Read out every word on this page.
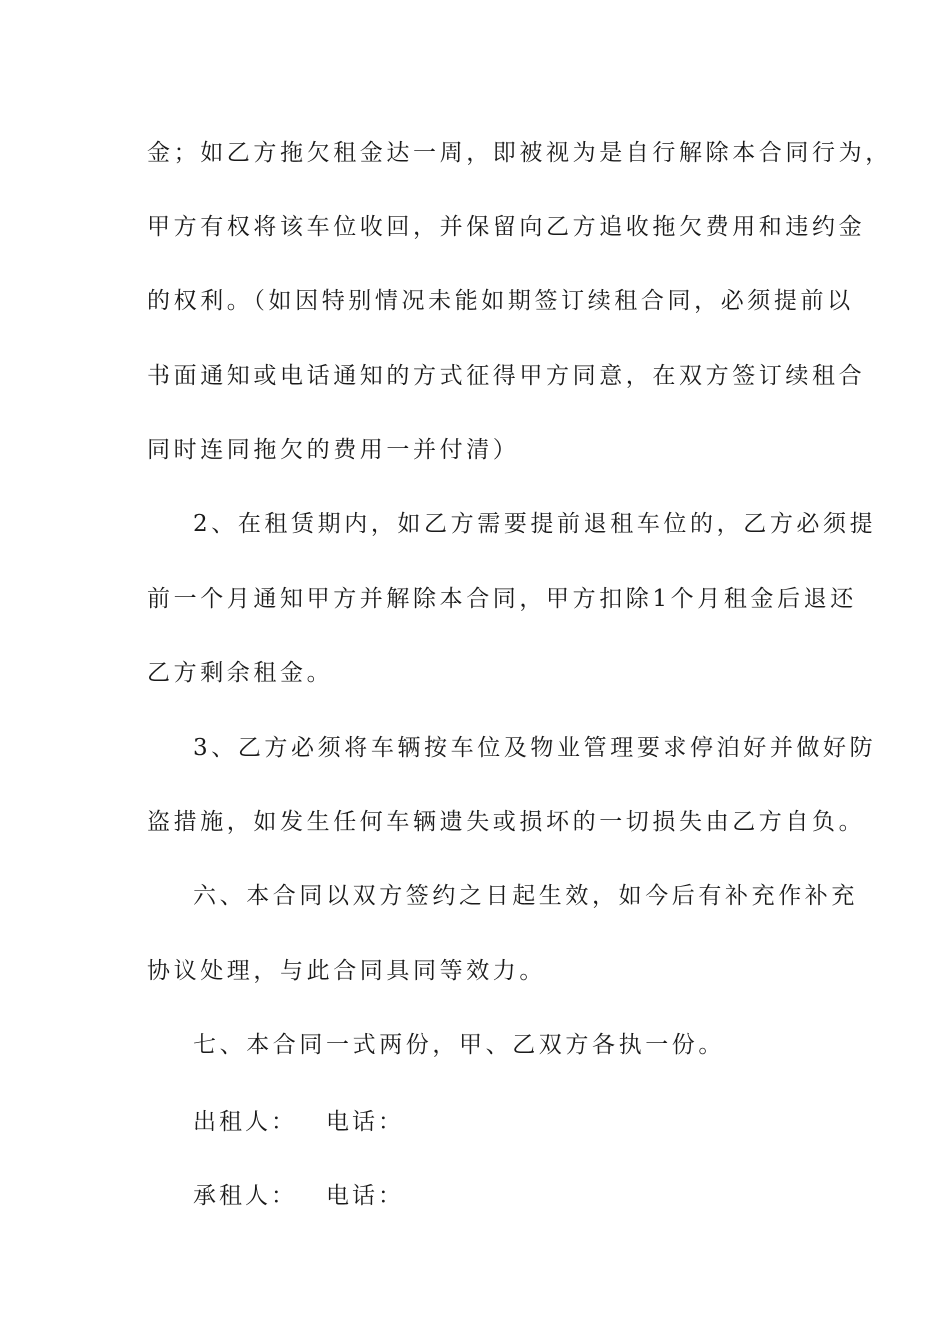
金；如乙方拖欠租金达一周，即被视为是自行解除本合同行为，
甲方有权将该车位收回，并保留向乙方追收拖欠费用和违约金
的权利。（如因特别情况未能如期签订续租合同，必须提前以
书面通知或电话通知的方式征得甲方同意，在双方签订续租合
同时连同拖欠的费用一并付清）
2、在租赁期内，如乙方需要提前退租车位的，乙方必须提
前一个月通知甲方并解除本合同，甲方扣除1个月租金后退还
乙方剩余租金。
3、乙方必须将车辆按车位及物业管理要求停泊好并做好防
盗措施，如发生任何车辆遗失或损坏的一切损失由乙方自负。
六、本合同以双方签约之日起生效，如今后有补充作补充
协议处理，与此合同具同等效力。
七、本合同一式两份，甲、乙双方各执一份。
出租人： 电话：
承租人： 电话：
